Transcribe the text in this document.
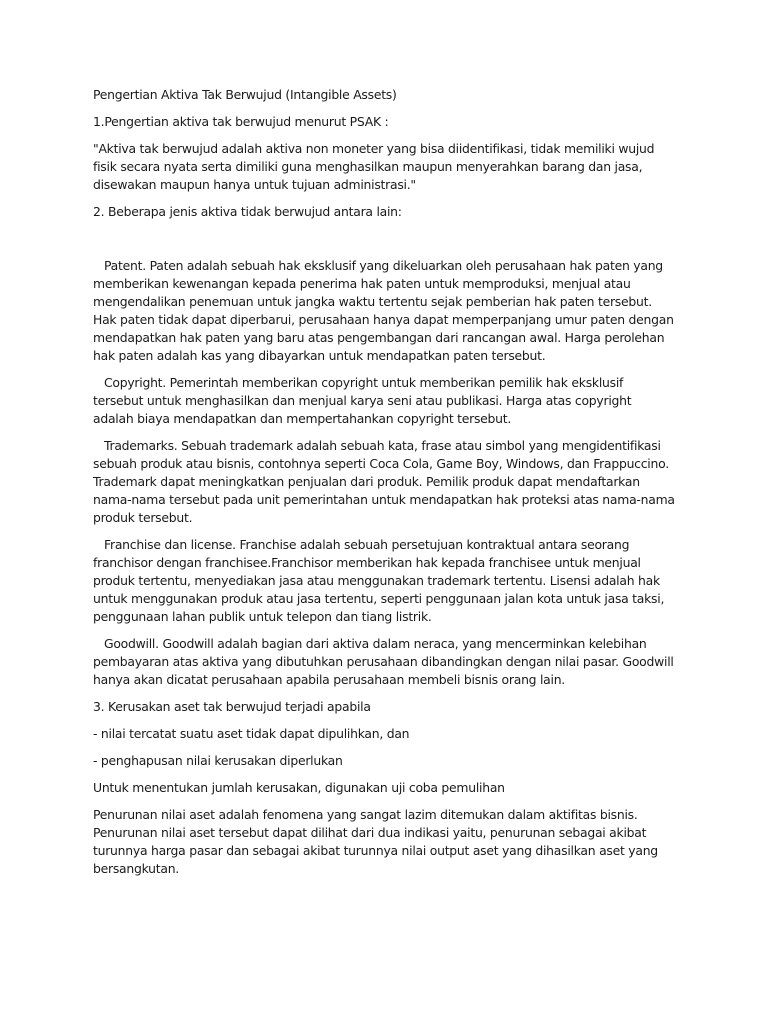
Pengertian Aktiva Tak Berwujud (Intangible Assets)

1.Pengertian aktiva tak berwujud menurut PSAK :

"Aktiva tak berwujud adalah aktiva non moneter yang bisa diidentifikasi, tidak memiliki wujud fisik secara nyata serta dimiliki guna menghasilkan maupun menyerahkan barang dan jasa, disewakan maupun hanya untuk tujuan administrasi."

2. Beberapa jenis aktiva tidak berwujud antara lain:

Patent. Paten adalah sebuah hak eksklusif yang dikeluarkan oleh perusahaan hak paten yang memberikan kewenangan kepada penerima hak paten untuk memproduksi, menjual atau mengendalikan penemuan untuk jangka waktu tertentu sejak pemberian hak paten tersebut. Hak paten tidak dapat diperbarui, perusahaan hanya dapat memperpanjang umur paten dengan mendapatkan hak paten yang baru atas pengembangan dari rancangan awal. Harga perolehan hak paten adalah kas yang dibayarkan untuk mendapatkan paten tersebut.

Copyright. Pemerintah memberikan copyright untuk memberikan pemilik hak eksklusif tersebut untuk menghasilkan dan menjual karya seni atau publikasi. Harga atas copyright adalah biaya mendapatkan dan mempertahankan copyright tersebut.

Trademarks. Sebuah trademark adalah sebuah kata, frase atau simbol yang mengidentifikasi sebuah produk atau bisnis, contohnya seperti Coca Cola, Game Boy, Windows, dan Frappuccino. Trademark dapat meningkatkan penjualan dari produk. Pemilik produk dapat mendaftarkan nama-nama tersebut pada unit pemerintahan untuk mendapatkan hak proteksi atas nama-nama produk tersebut.

Franchise dan license. Franchise adalah sebuah persetujuan kontraktual antara seorang franchisor dengan franchisee.Franchisor memberikan hak kepada franchisee untuk menjual produk tertentu, menyediakan jasa atau menggunakan trademark tertentu. Lisensi adalah hak untuk menggunakan produk atau jasa tertentu, seperti penggunaan jalan kota untuk jasa taksi, penggunaan lahan publik untuk telepon dan tiang listrik.

Goodwill. Goodwill adalah bagian dari aktiva dalam neraca, yang mencerminkan kelebihan pembayaran atas aktiva yang dibutuhkan perusahaan dibandingkan dengan nilai pasar. Goodwill hanya akan dicatat perusahaan apabila perusahaan membeli bisnis orang lain.

3. Kerusakan aset tak berwujud terjadi apabila

- nilai tercatat suatu aset tidak dapat dipulihkan, dan

- penghapusan nilai kerusakan diperlukan

Untuk menentukan jumlah kerusakan, digunakan uji coba pemulihan

Penurunan nilai aset adalah fenomena yang sangat lazim ditemukan dalam aktifitas bisnis. Penurunan nilai aset tersebut dapat dilihat dari dua indikasi yaitu, penurunan sebagai akibat turunnya harga pasar dan sebagai akibat turunnya nilai output aset yang dihasilkan aset yang bersangkutan.
